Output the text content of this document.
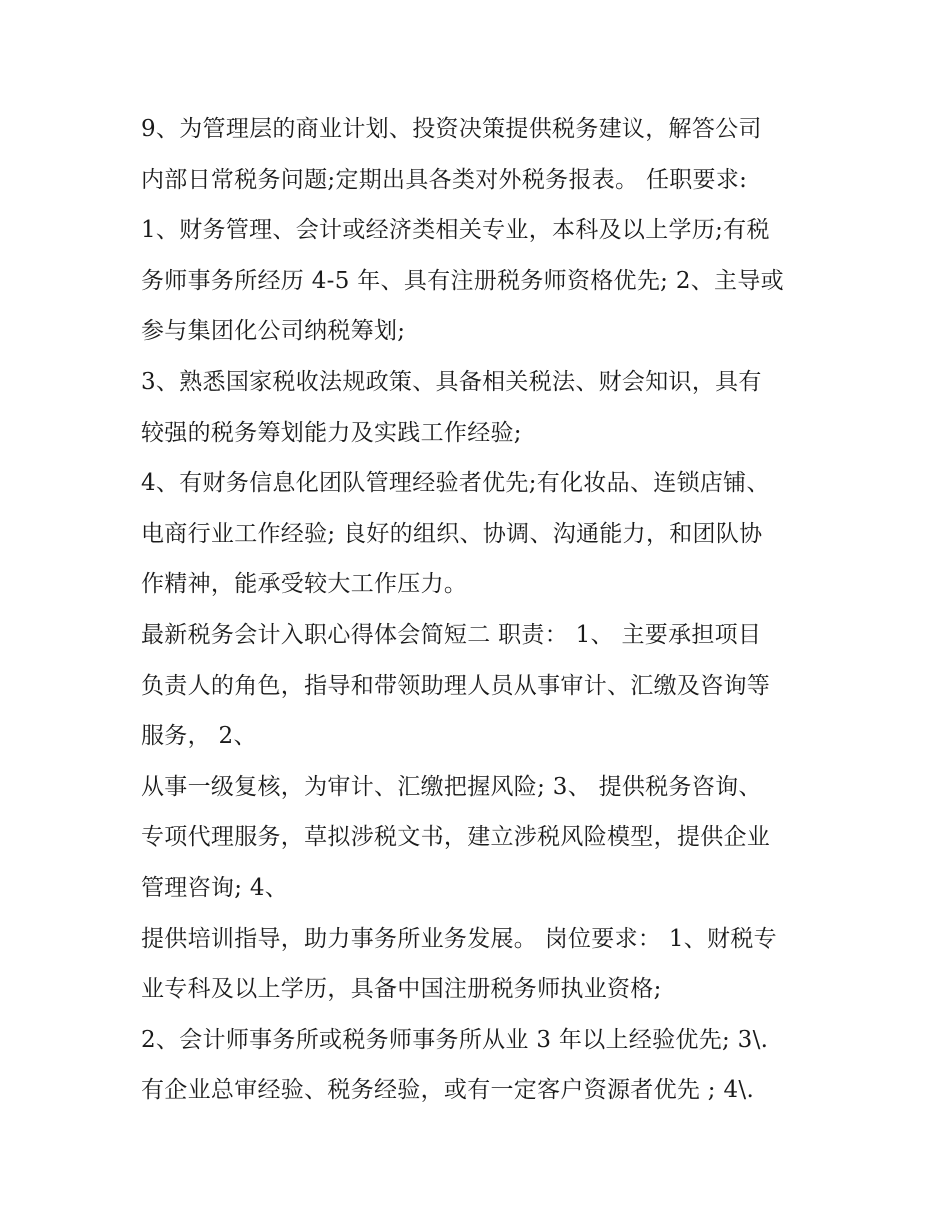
9、为管理层的商业计划、投资决策提供税务建议，解答公司
内部日常税务问题;定期出具各类对外税务报表。 任职要求:
1、财务管理、会计或经济类相关专业，本科及以上学历;有税
务师事务所经历 4-5 年、具有注册税务师资格优先; 2、主导或
参与集团化公司纳税筹划;
3、熟悉国家税收法规政策、具备相关税法、财会知识，具有
较强的税务筹划能力及实践工作经验;
4、有财务信息化团队管理经验者优先;有化妆品、连锁店铺、
电商行业工作经验; 良好的组织、协调、沟通能力，和团队协
作精神，能承受较大工作压力。
最新税务会计入职心得体会简短二 职责： 1、 主要承担项目
负责人的角色，指导和带领助理人员从事审计、汇缴及咨询等
服务， 2、
从事一级复核，为审计、汇缴把握风险; 3、 提供税务咨询、
专项代理服务，草拟涉税文书，建立涉税风险模型，提供企业
管理咨询; 4、
提供培训指导，助力事务所业务发展。 岗位要求： 1、财税专
业专科及以上学历，具备中国注册税务师执业资格;
2、会计师事务所或税务师事务所从业 3 年以上经验优先; 3\.
有企业总审经验、税务经验，或有一定客户资源者优先 ; 4\.
